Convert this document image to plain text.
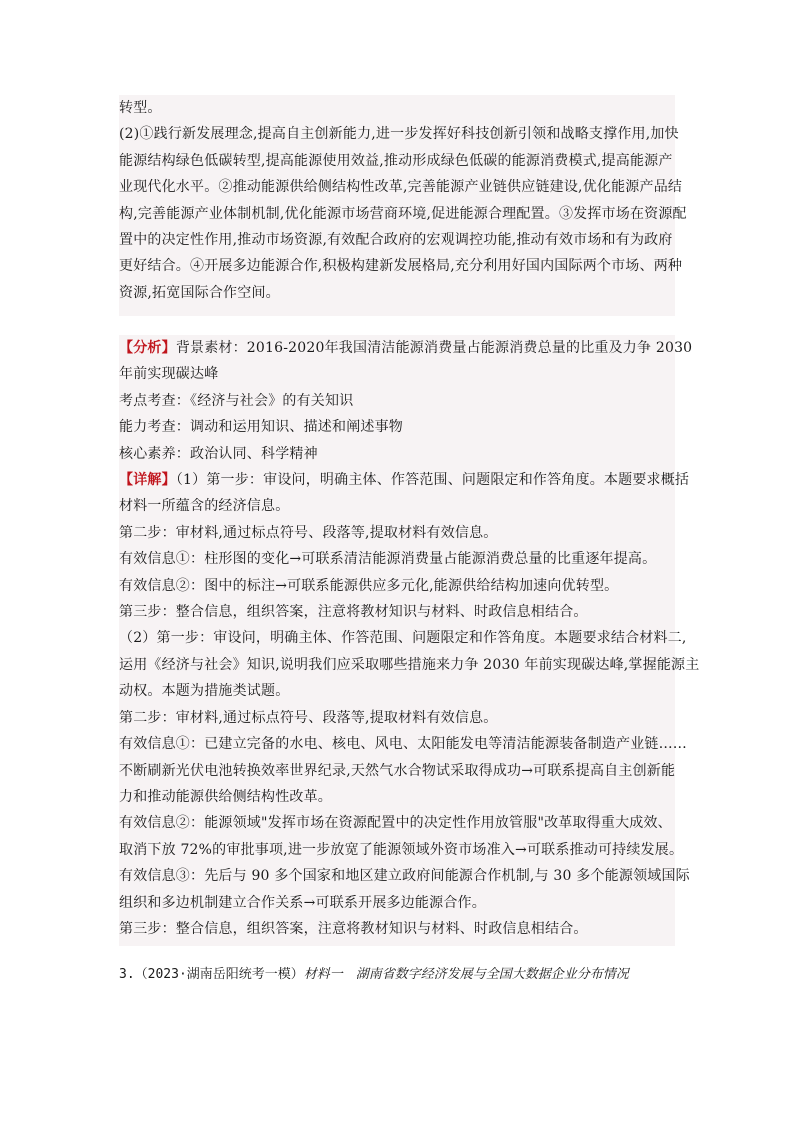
转型。
(2)①践行新发展理念,提高自主创新能力,进一步发挥好科技创新引领和战略支撑作用,加快
能源结构绿色低碳转型,提高能源使用效益,推动形成绿色低碳的能源消费模式,提高能源产
业现代化水平。②推动能源供给侧结构性改革,完善能源产业链供应链建设,优化能源产品结
构,完善能源产业体制机制,优化能源市场营商环境,促进能源合理配置。③发挥市场在资源配
置中的决定性作用,推动市场资源,有效配合政府的宏观调控功能,推动有效市场和有为政府
更好结合。④开展多边能源合作,积极构建新发展格局,充分利用好国内国际两个市场、两种
资源,拓宽国际合作空间。
【分析】背景素材：2016-2020年我国清洁能源消费量占能源消费总量的比重及力争 2030
年前实现碳达峰
考点考查：《经济与社会》的有关知识
能力考查：调动和运用知识、描述和阐述事物
核心素养：政治认同、科学精神
【详解】（1）第一步：审设问，明确主体、作答范围、问题限定和作答角度。本题要求概括
材料一所蕴含的经济信息。
第二步：审材料,通过标点符号、段落等,提取材料有效信息。
有效信息①：柱形图的变化→可联系清洁能源消费量占能源消费总量的比重逐年提高。
有效信息②：图中的标注→可联系能源供应多元化,能源供给结构加速向优转型。
第三步：整合信息，组织答案，注意将教材知识与材料、时政信息相结合。
（2）第一步：审设问，明确主体、作答范围、问题限定和作答角度。本题要求结合材料二,
运用《经济与社会》知识,说明我们应采取哪些措施来力争 2030 年前实现碳达峰,掌握能源主
动权。本题为措施类试题。
第二步：审材料,通过标点符号、段落等,提取材料有效信息。
有效信息①：已建立完备的水电、核电、风电、太阳能发电等清洁能源装备制造产业链……
不断刷新光伏电池转换效率世界纪录,天然气水合物试采取得成功→可联系提高自主创新能
力和推动能源供给侧结构性改革。
有效信息②：能源领域"发挥市场在资源配置中的决定性作用放管服"改革取得重大成效、
取消下放 72%的审批事项,进一步放宽了能源领域外资市场准入→可联系推动可持续发展。
有效信息③：先后与 90 多个国家和地区建立政府间能源合作机制,与 30 多个能源领域国际
组织和多边机制建立合作关系→可联系开展多边能源合作。
第三步：整合信息，组织答案，注意将教材知识与材料、时政信息相结合。
3.（2023·湖南岳阳统考一模）材料一　湖南省数字经济发展与全国大数据企业分布情况
